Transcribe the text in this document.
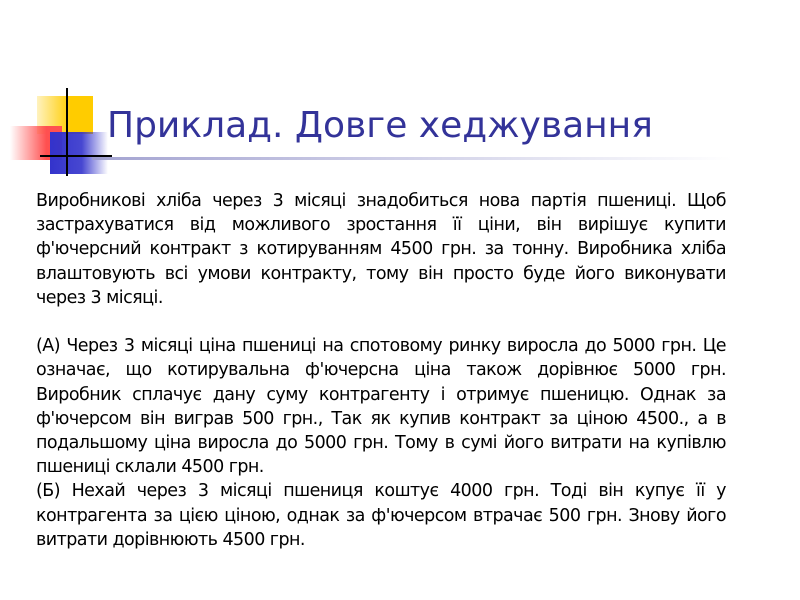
Приклад. Довге хеджування

Виробникові хліба через 3 місяці знадобиться нова партія пшениці. Щоб застрахуватися від можливого зростання її ціни, він вирішує купити ф'ючерсний контракт з котируванням 4500 грн. за тонну. Виробника хліба влаштовують всі умови контракту, тому він просто буде його виконувати через 3 місяці.

(А) Через 3 місяці ціна пшениці на спотовому ринку виросла до 5000 грн. Це означає, що котирувальна ф'ючерсна ціна також дорівнює 5000 грн. Виробник сплачує дану суму контрагенту і отримує пшеницю. Однак за ф'ючерсом він виграв 500 грн., Так як купив контракт за ціною 4500., а в подальшому ціна виросла до 5000 грн. Тому в сумі його витрати на купівлю пшениці склали 4500 грн.

(Б) Нехай через 3 місяці пшениця коштує 4000 грн. Тоді він купує її у контрагента за цією ціною, однак за ф'ючерсом втрачає 500 грн. Знову його витрати дорівнюють 4500 грн.
